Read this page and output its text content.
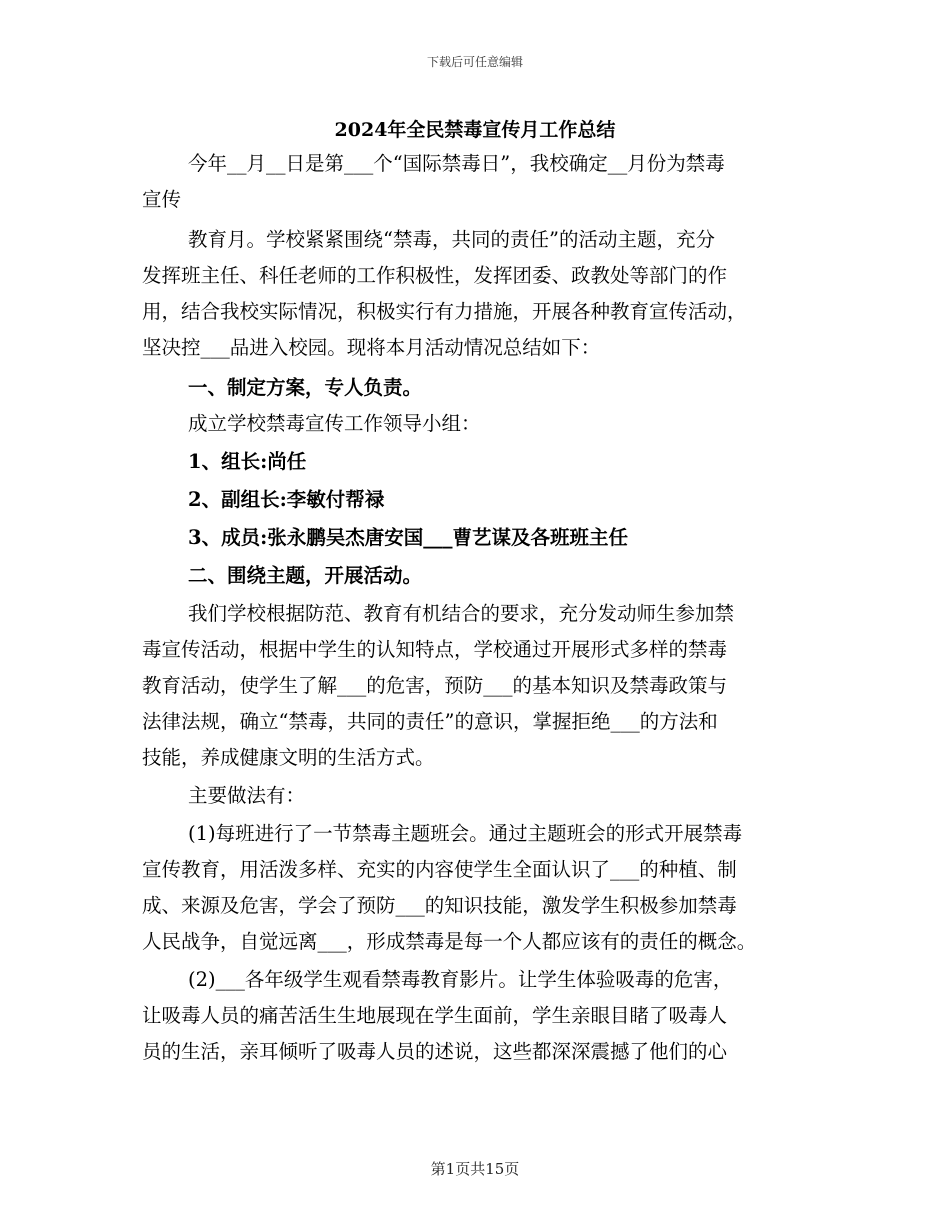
下载后可任意编辑
2024年全民禁毒宣传月工作总结
今年__月__日是第___个“国际禁毒日”，我校确定__月份为禁毒
宣传
教育月。学校紧紧围绕“禁毒，共同的责任”的活动主题，充分
发挥班主任、科任老师的工作积极性，发挥团委、政教处等部门的作
用，结合我校实际情况，积极实行有力措施，开展各种教育宣传活动，
坚决控___品进入校园。现将本月活动情况总结如下：
一、制定方案，专人负责。
成立学校禁毒宣传工作领导小组：
1、组长:尚任
2、副组长:李敏付帮禄
3、成员:张永鹏吴杰唐安国___曹艺谋及各班班主任
二、围绕主题，开展活动。
我们学校根据防范、教育有机结合的要求，充分发动师生参加禁
毒宣传活动，根据中学生的认知特点，学校通过开展形式多样的禁毒
教育活动，使学生了解___的危害，预防___的基本知识及禁毒政策与
法律法规，确立“禁毒，共同的责任”的意识，掌握拒绝___的方法和
技能，养成健康文明的生活方式。
主要做法有：
(1)每班进行了一节禁毒主题班会。通过主题班会的形式开展禁毒
宣传教育，用活泼多样、充实的内容使学生全面认识了___的种植、制
成、来源及危害，学会了预防___的知识技能，激发学生积极参加禁毒
人民战争，自觉远离___，形成禁毒是每一个人都应该有的责任的概念。
(2)___各年级学生观看禁毒教育影片。让学生体验吸毒的危害，
让吸毒人员的痛苦活生生地展现在学生面前，学生亲眼目睹了吸毒人
员的生活，亲耳倾听了吸毒人员的述说，这些都深深震撼了他们的心
第1页共15页
